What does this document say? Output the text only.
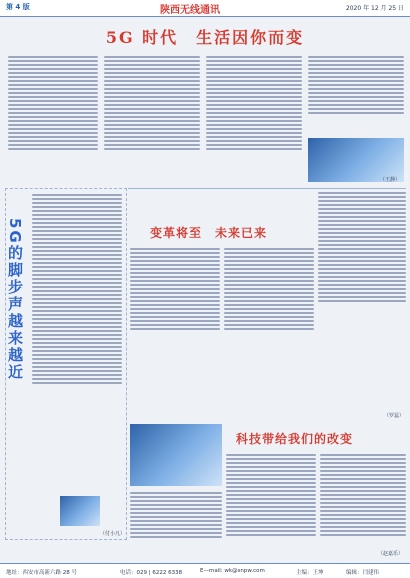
第 4 版	陕西无线通讯	2020 年 12 月 25 日
5G 时代　生活因你而变
（王静）
5G的脚步声越来越近
（付小凡）
变革将至　未来已来
（罗蕊）
科技带给我们的改变
（赵嘉乐）
地址：西安市高新六路 28 号	电话：029 | 6222 6338	E—mail: wk@snpw.com	主编：王坤	编辑：闫建伟
